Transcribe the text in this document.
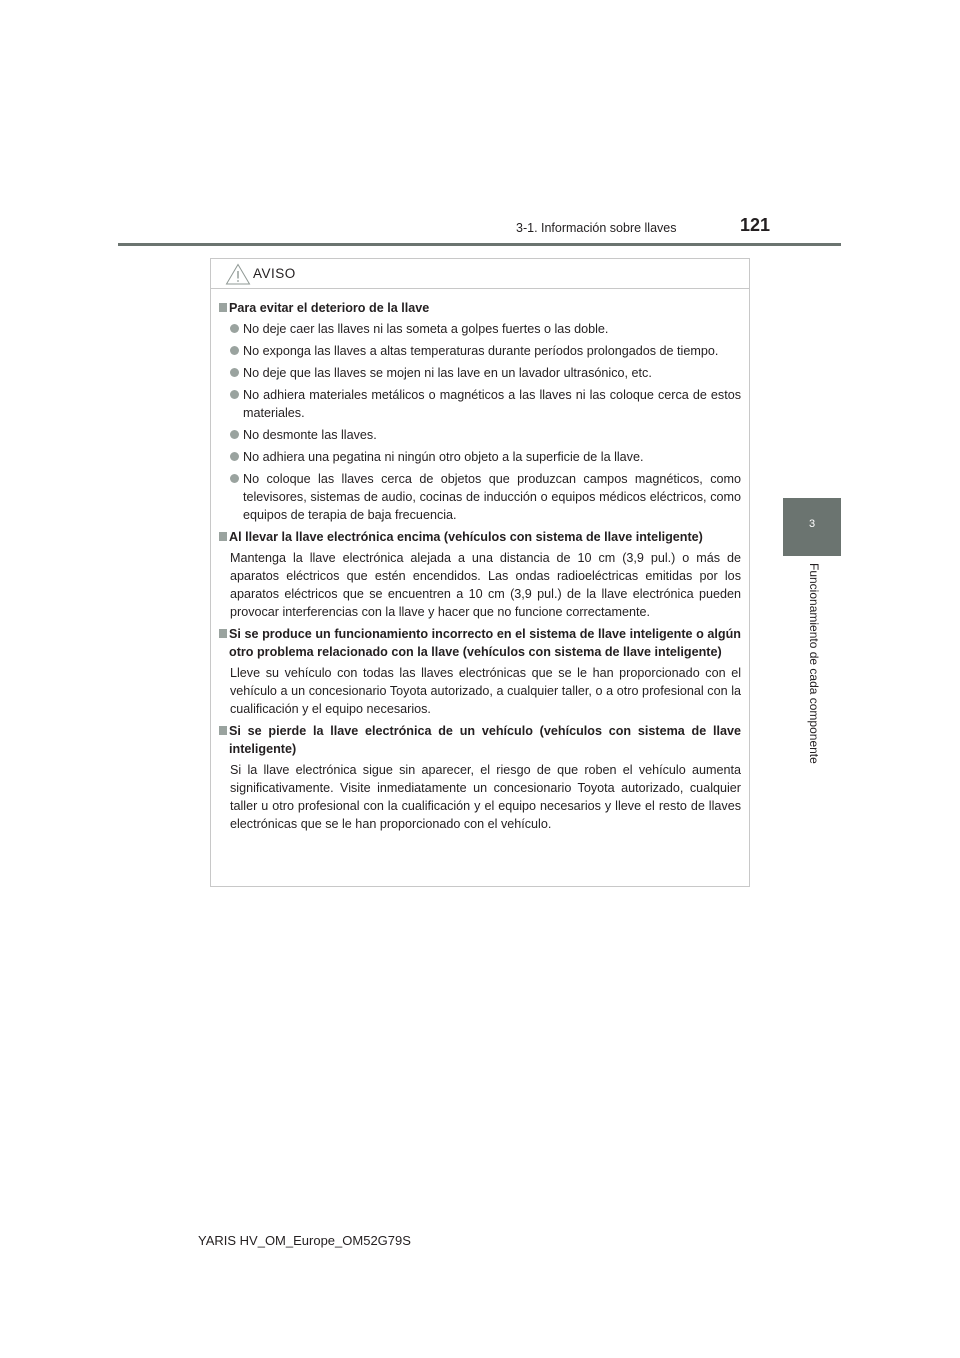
3-1. Información sobre llaves	121
3
Funcionamiento de cada componente
AVISO
Para evitar el deterioro de la llave
No deje caer las llaves ni las someta a golpes fuertes o las doble.
No exponga las llaves a altas temperaturas durante períodos prolongados de tiempo.
No deje que las llaves se mojen ni las lave en un lavador ultrasónico, etc.
No adhiera materiales metálicos o magnéticos a las llaves ni las coloque cerca de estos materiales.
No desmonte las llaves.
No adhiera una pegatina ni ningún otro objeto a la superficie de la llave.
No coloque las llaves cerca de objetos que produzcan campos magnéticos, como televisores, sistemas de audio, cocinas de inducción o equipos médicos eléctricos, como equipos de terapia de baja frecuencia.
Al llevar la llave electrónica encima (vehículos con sistema de llave inteligente)
Mantenga la llave electrónica alejada a una distancia de 10 cm (3,9 pul.) o más de aparatos eléctricos que estén encendidos. Las ondas radioeléctricas emitidas por los aparatos eléctricos que se encuentren a 10 cm (3,9 pul.) de la llave electrónica pueden provocar interferencias con la llave y hacer que no funcione correctamente.
Si se produce un funcionamiento incorrecto en el sistema de llave inteligente o algún otro problema relacionado con la llave (vehículos con sistema de llave inteligente)
Lleve su vehículo con todas las llaves electrónicas que se le han proporcionado con el vehículo a un concesionario Toyota autorizado, a cualquier taller, o a otro profesional con la cualificación y el equipo necesarios.
Si se pierde la llave electrónica de un vehículo (vehículos con sistema de llave inteligente)
Si la llave electrónica sigue sin aparecer, el riesgo de que roben el vehículo aumenta significativamente. Visite inmediatamente un concesionario Toyota autorizado, cualquier taller u otro profesional con la cualificación y el equipo necesarios y lleve el resto de llaves electrónicas que se le han proporcionado con el vehículo.
YARIS HV_OM_Europe_OM52G79S
